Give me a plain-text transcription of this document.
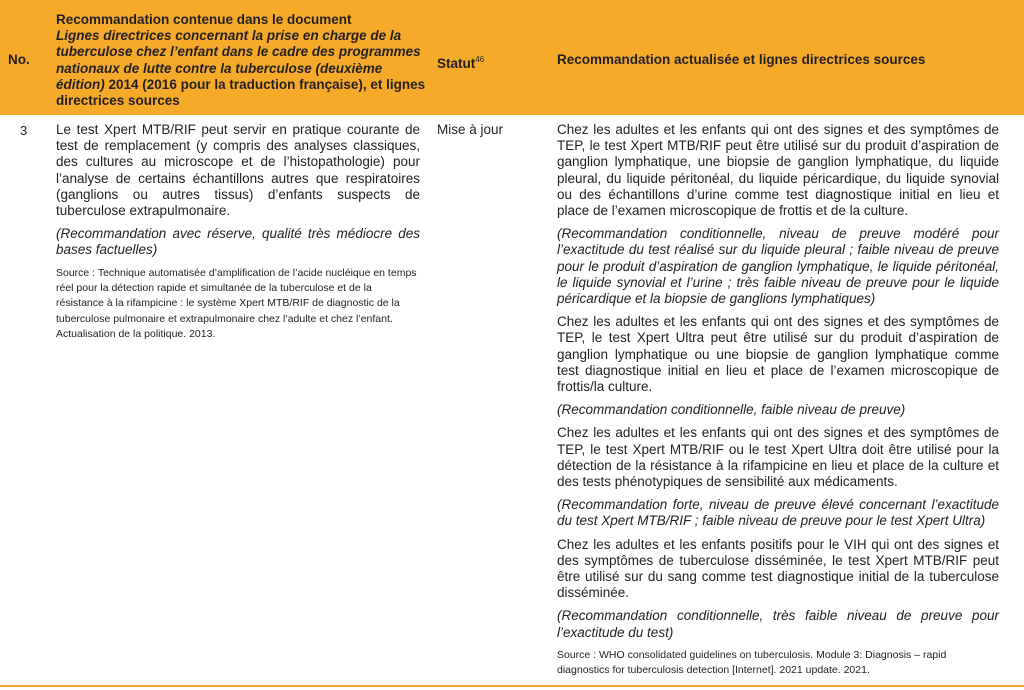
No.
Recommandation contenue dans le document
Lignes directrices concernant la prise en charge de la tuberculose chez l’enfant dans le cadre des programmes nationaux de lutte contre la tuberculose (deuxième édition) 2014 (2016 pour la traduction française), et lignes directrices sources
Statut$^{46}$	Recommandation actualisée et lignes directrices sources
3 Le test Xpert MTB/RIF peut servir en pratique courante de test de remplacement (y compris des analyses classiques, des cultures au microscope et de l’histopathologie) pour l’analyse de certains échantillons autres que respiratoires (ganglions ou autres tissus) d’enfants suspects de tuberculose extrapulmonaire.

(Recommandation avec réserve, qualité très médiocre des bases factuelles)

Source : Technique automatisée d’amplification de l’acide nucléique en temps réel pour la détection rapide et simultanée de la tuberculose et de la résistance à la rifampicine : le système Xpert MTB/RIF de diagnostic de la tuberculose pulmonaire et extrapulmonaire chez l’adulte et chez l’enfant. Actualisation de la politique. 2013.

Mise à jour	Chez les adultes et les enfants qui ont des signes et des symptômes de TEP, le test Xpert MTB/RIF peut être utilisé sur du produit d’aspiration de ganglion lymphatique, une biopsie de ganglion lymphatique, du liquide pleural, du liquide péritonéal, du liquide péricardique, du liquide synovial ou des échantillons d’urine comme test diagnostique initial en lieu et place de l’examen microscopique de frottis et de la culture.

(Recommandation conditionnelle, niveau de preuve modéré pour l’exactitude du test réalisé sur du liquide pleural ; faible niveau de preuve pour le produit d’aspiration de ganglion lymphatique, le liquide péritonéal, le liquide synovial et l’urine ; très faible niveau de preuve pour le liquide péricardique et la biopsie de ganglions lymphatiques)

Chez les adultes et les enfants qui ont des signes et des symptômes de TEP, le test Xpert Ultra peut être utilisé sur du produit d’aspiration de ganglion lymphatique ou une biopsie de ganglion lymphatique comme test diagnostique initial en lieu et place de l’examen microscopique de frottis/la culture.

(Recommandation conditionnelle, faible niveau de preuve)

Chez les adultes et les enfants qui ont des signes et des symptômes de TEP, le test Xpert MTB/RIF ou le test Xpert Ultra doit être utilisé pour la détection de la résistance à la rifampicine en lieu et place de la culture et des tests phénotypiques de sensibilité aux médicaments.

(Recommandation forte, niveau de preuve élevé concernant l’exactitude du test Xpert MTB/RIF ; faible niveau de preuve pour le test Xpert Ultra)

Chez les adultes et les enfants positifs pour le VIH qui ont des signes et des symptômes de tuberculose disséminée, le test Xpert MTB/RIF peut être utilisé sur du sang comme test diagnostique initial de la tuberculose disséminée.

(Recommandation conditionnelle, très faible niveau de preuve pour l’exactitude du test)

Source : WHO consolidated guidelines on tuberculosis. Module 3: Diagnosis – rapid diagnostics for tuberculosis detection [Internet]. 2021 update. 2021.
